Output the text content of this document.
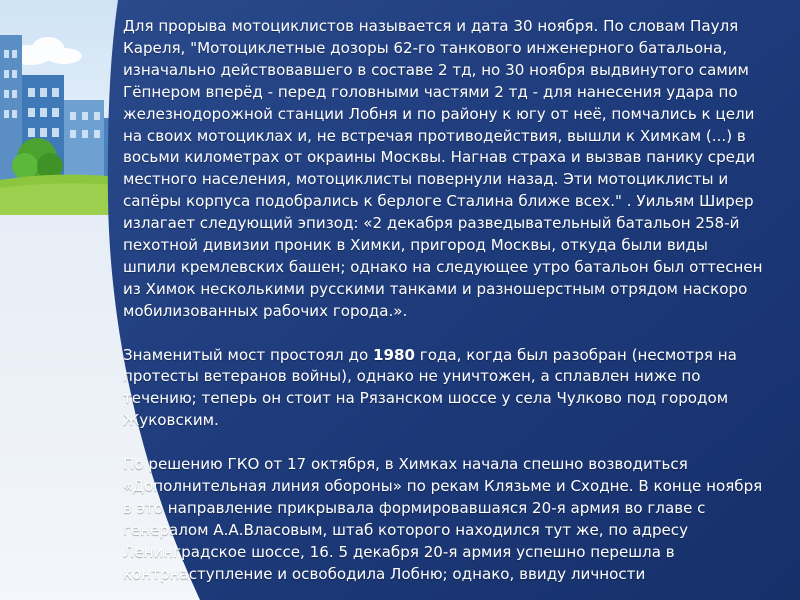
Для прорыва мотоциклистов называется и дата 30 ноября. По словам Пауля Кареля, "Мотоциклетные дозоры 62-го танкового инженерного батальона, изначально действовавшего в составе 2 тд, но 30 ноября выдвинутого самим Гёпнером вперёд - перед головными частями 2 тд - для нанесения удара по железнодорожной станции Лобня и по району к югу от неё, помчались к цели на своих мотоциклах и, не встречая противодействия, вышли к Химкам (...) в восьми километрах от окраины Москвы. Нагнав страха и вызвав панику среди местного населения, мотоциклисты повернули назад. Эти мотоциклисты и сапёры корпуса подобрались к берлоге Сталина ближе всех." . Уильям Ширер излагает следующий эпизод: «2 декабря разведывательный батальон 258-й пехотной дивизии проник в Химки, пригород Москвы, откуда были виды шпили кремлевских башен; однако на следующее утро батальон был оттеснен из Химок несколькими русскими танками и разношерстным отрядом наскоро мобилизованных рабочих города.».

Знаменитый мост простоял до 1980 года, когда был разобран (несмотря на протесты ветеранов войны), однако не уничтожен, а сплавлен ниже по течению; теперь он стоит на Рязанском шоссе у села Чулково под городом Жуковским.

По решению ГКО от 17 октября, в Химках начала спешно возводиться «Дополнительная линия обороны» по рекам Клязьме и Сходне. В конце ноября в это направление прикрывала формировавшаяся 20-я армия во главе с генералом А.А.Власовым, штаб которого находился тут же, по адресу Ленинградское шоссе, 16. 5 декабря 20-я армия успешно перешла в контрнаступление и освободила Лобню; однако, ввиду личности
